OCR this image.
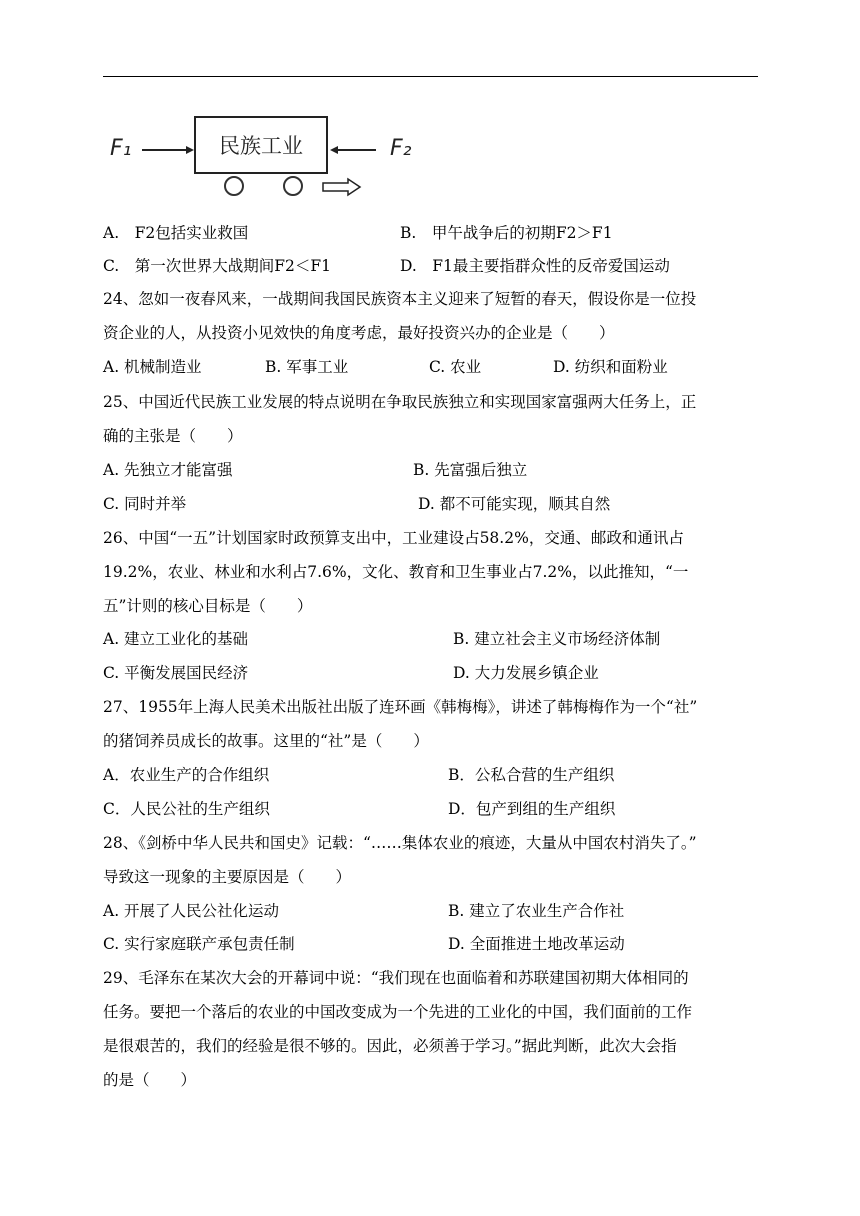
F₁	民族工业	F₂
A.　F2包括实业救国	B.　甲午战争后的初期F2＞F1
C.　第一次世界大战期间F2＜F1	D.　F1最主要指群众性的反帝爱国运动
24、忽如一夜春风来，一战期间我国民族资本主义迎来了短暂的春天，假设你是一位投
资企业的人，从投资小见效快的角度考虑，最好投资兴办的企业是（　　）
A. 机械制造业	B. 军事工业	C. 农业	D. 纺织和面粉业
25、中国近代民族工业发展的特点说明在争取民族独立和实现国家富强两大任务上，正
确的主张是（　　）
A. 先独立才能富强	B. 先富强后独立
C. 同时并举	D. 都不可能实现，顺其自然
26、中国“一五”计划国家时政预算支出中，工业建设占58.2%，交通、邮政和通讯占
19.2%，农业、林业和水利占7.6%，文化、教育和卫生事业占7.2%，以此推知，“一
五”计则的核心目标是（　　）
A. 建立工业化的基础	B. 建立社会主义市场经济体制
C. 平衡发展国民经济	D. 大力发展乡镇企业
27、1955年上海人民美术出版社出版了连环画《韩梅梅》，讲述了韩梅梅作为一个“社”
的猪饲养员成长的故事。这里的“社”是（　　）
A．农业生产的合作组织	B．公私合营的生产组织
C．人民公社的生产组织	D．包产到组的生产组织
28、《剑桥中华人民共和国史》记载：“……集体农业的痕迹，大量从中国农村消失了。”
导致这一现象的主要原因是（　　）
A. 开展了人民公社化运动	B. 建立了农业生产合作社
C. 实行家庭联产承包责任制	D. 全面推进土地改革运动
29、毛泽东在某次大会的开幕词中说：“我们现在也面临着和苏联建国初期大体相同的
任务。要把一个落后的农业的中国改变成为一个先进的工业化的中国，我们面前的工作
是很艰苦的，我们的经验是很不够的。因此，必须善于学习。”据此判断，此次大会指
的是（　　）
